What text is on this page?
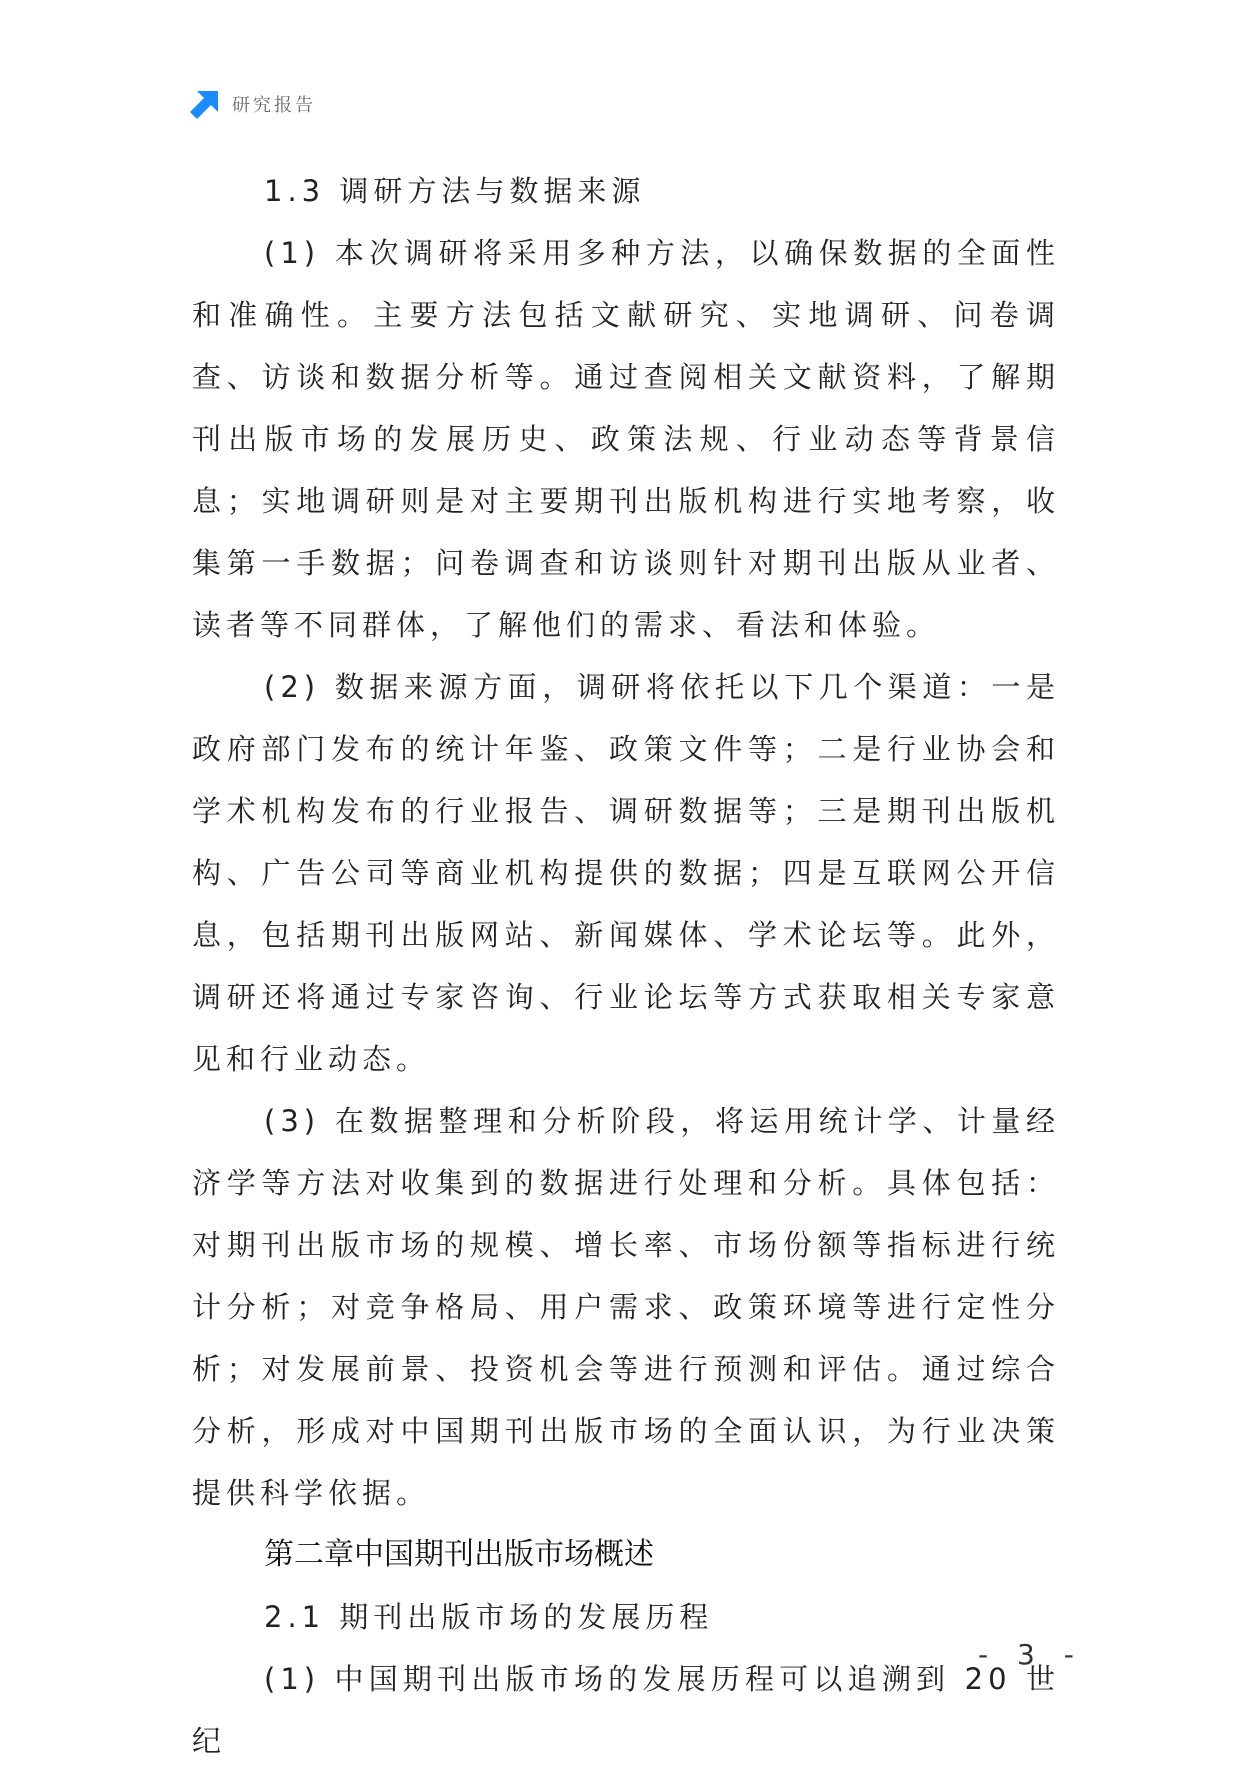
研究报告
1.3 调研方法与数据来源

(1) 本次调研将采用多种方法，以确保数据的全面性和准确性。主要方法包括文献研究、实地调研、问卷调查、访谈和数据分析等。通过查阅相关文献资料，了解期刊出版市场的发展历史、政策法规、行业动态等背景信息；实地调研则是对主要期刊出版机构进行实地考察，收集第一手数据；问卷调查和访谈则针对期刊出版从业者、读者等不同群体，了解他们的需求、看法和体验。

(2) 数据来源方面，调研将依托以下几个渠道：一是政府部门发布的统计年鉴、政策文件等；二是行业协会和学术机构发布的行业报告、调研数据等；三是期刊出版机构、广告公司等商业机构提供的数据；四是互联网公开信息，包括期刊出版网站、新闻媒体、学术论坛等。此外，调研还将通过专家咨询、行业论坛等方式获取相关专家意见和行业动态。

(3) 在数据整理和分析阶段，将运用统计学、计量经济学等方法对收集到的数据进行处理和分析。具体包括：对期刊出版市场的规模、增长率、市场份额等指标进行统计分析；对竞争格局、用户需求、政策环境等进行定性分析；对发展前景、投资机会等进行预测和评估。通过综合分析，形成对中国期刊出版市场的全面认识，为行业决策提供科学依据。

第二章中国期刊出版市场概述
2.1 期刊出版市场的发展历程

(1) 中国期刊出版市场的发展历程可以追溯到 20 世纪

- 3 -
